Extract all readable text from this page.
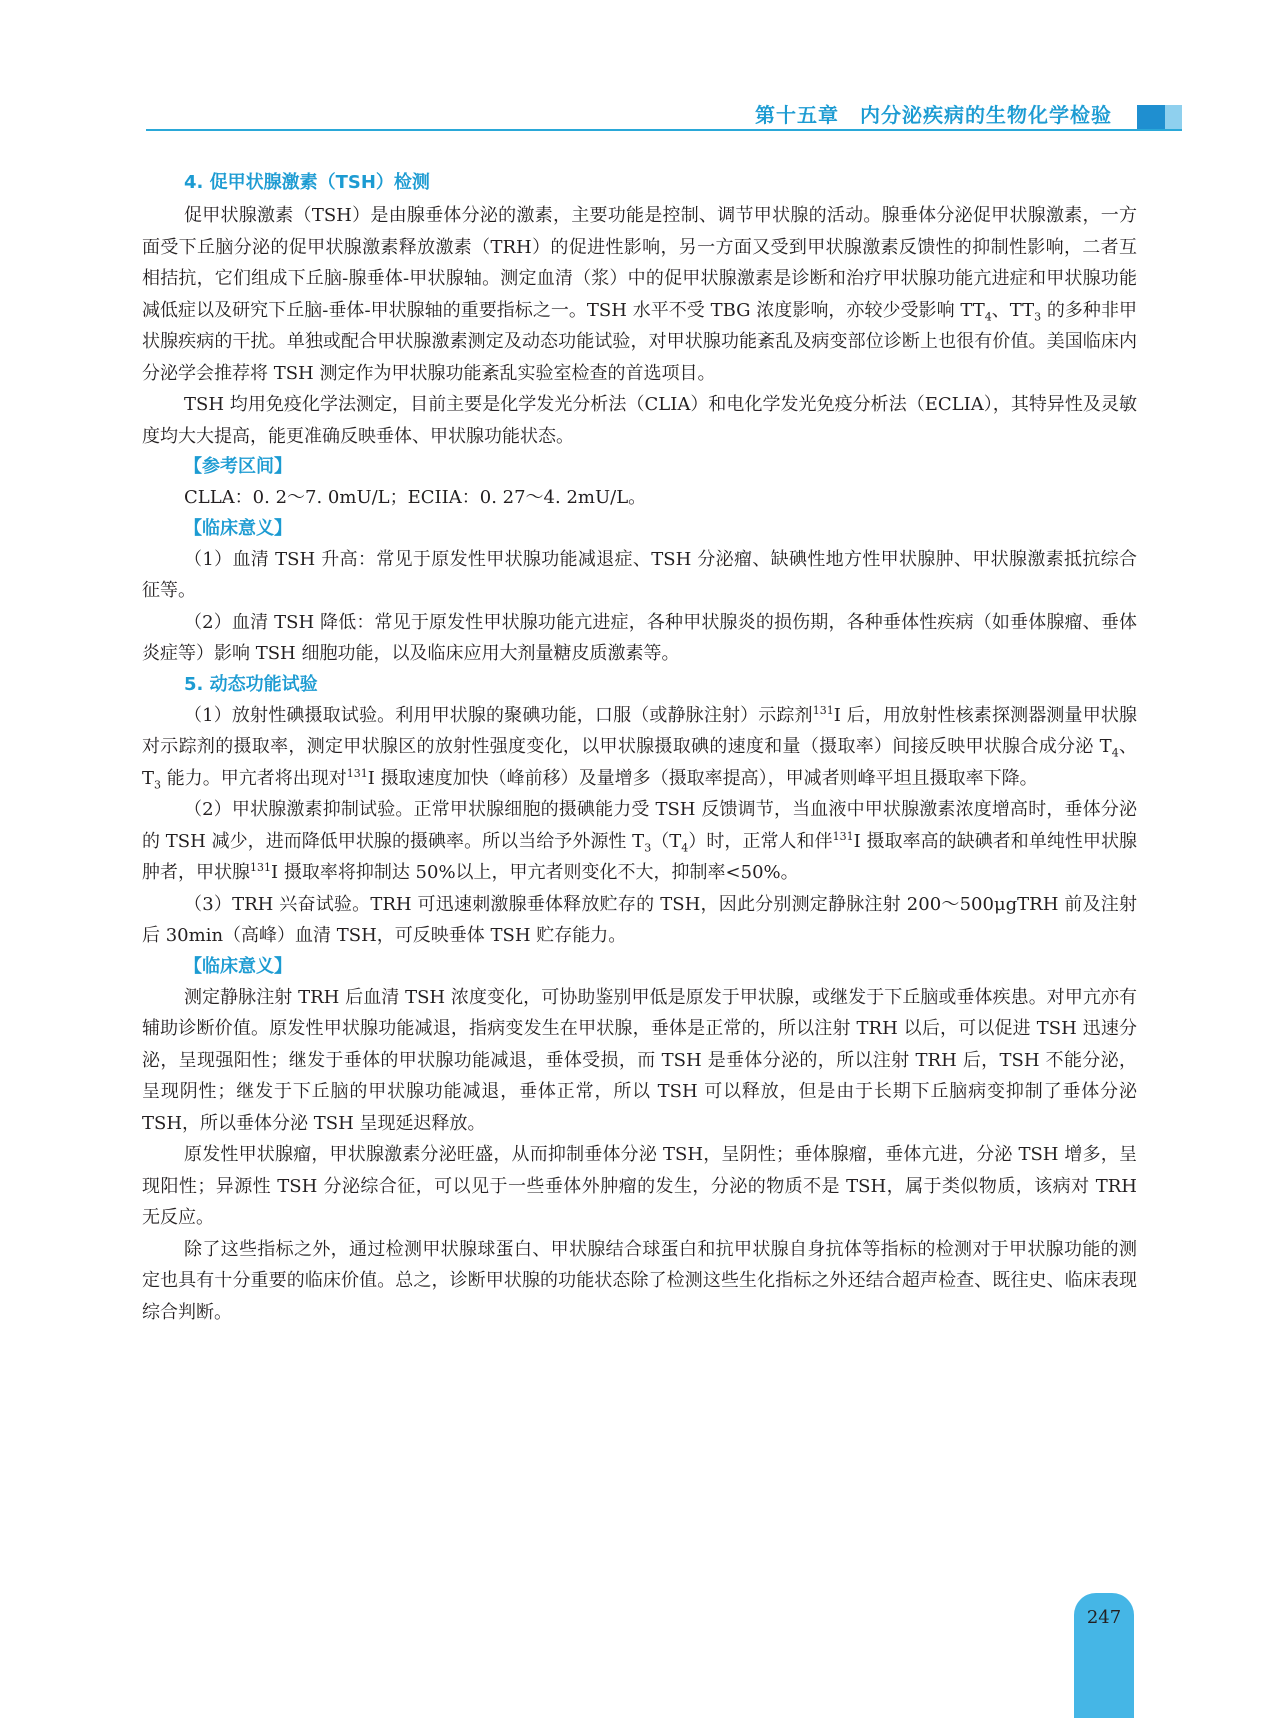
第十五章　内分泌疾病的生物化学检验
4. 促甲状腺激素（TSH）检测

促甲状腺激素（TSH）是由腺垂体分泌的激素，主要功能是控制、调节甲状腺的活动。腺垂体分泌促甲状腺激素，一方面受下丘脑分泌的促甲状腺激素释放激素（TRH）的促进性影响，另一方面又受到甲状腺激素反馈性的抑制性影响，二者互相拮抗，它们组成下丘脑-腺垂体-甲状腺轴。测定血清（浆）中的促甲状腺激素是诊断和治疗甲状腺功能亢进症和甲状腺功能减低症以及研究下丘脑-垂体-甲状腺轴的重要指标之一。TSH 水平不受 TBG 浓度影响，亦较少受影响 $TT_4$、$TT_3$ 的多种非甲状腺疾病的干扰。单独或配合甲状腺激素测定及动态功能试验，对甲状腺功能紊乱及病变部位诊断上也很有价值。美国临床内分泌学会推荐将 TSH 测定作为甲状腺功能紊乱实验室检查的首选项目。

TSH 均用免疫化学法测定，目前主要是化学发光分析法（CLIA）和电化学发光免疫分析法（ECLIA），其特异性及灵敏度均大大提高，能更准确反映垂体、甲状腺功能状态。

【参考区间】

CLLA：0. 2～7. 0mU/L；ECIIA：0. 27～4. 2mU/L。

【临床意义】

（1）血清 TSH 升高：常见于原发性甲状腺功能减退症、TSH 分泌瘤、缺碘性地方性甲状腺肿、甲状腺激素抵抗综合征等。

（2）血清 TSH 降低：常见于原发性甲状腺功能亢进症，各种甲状腺炎的损伤期，各种垂体性疾病（如垂体腺瘤、垂体炎症等）影响 TSH 细胞功能，以及临床应用大剂量糖皮质激素等。

5. 动态功能试验

（1）放射性碘摄取试验。利用甲状腺的聚碘功能，口服（或静脉注射）示踪剂$^{131}$I 后，用放射性核素探测器测量甲状腺对示踪剂的摄取率，测定甲状腺区的放射性强度变化，以甲状腺摄取碘的速度和量（摄取率）间接反映甲状腺合成分泌 $T_4$、$T_3$ 能力。甲亢者将出现对$^{131}$I 摄取速度加快（峰前移）及量增多（摄取率提高），甲减者则峰平坦且摄取率下降。

（2）甲状腺激素抑制试验。正常甲状腺细胞的摄碘能力受 TSH 反馈调节，当血液中甲状腺激素浓度增高时，垂体分泌的 TSH 减少，进而降低甲状腺的摄碘率。所以当给予外源性 $T_3(T_4)$时，正常人和伴$^{131}$I 摄取率高的缺碘者和单纯性甲状腺肿者，甲状腺$^{131}$I 摄取率将抑制达 50%以上，甲亢者则变化不大，抑制率<50%。

（3）TRH 兴奋试验。TRH 可迅速刺激腺垂体释放贮存的 TSH，因此分别测定静脉注射 200～500μgTRH 前及注射后 30min（高峰）血清 TSH，可反映垂体 TSH 贮存能力。

【临床意义】

测定静脉注射 TRH 后血清 TSH 浓度变化，可协助鉴别甲低是原发于甲状腺，或继发于下丘脑或垂体疾患。对甲亢亦有辅助诊断价值。原发性甲状腺功能减退，指病变发生在甲状腺，垂体是正常的，所以注射 TRH 以后，可以促进 TSH 迅速分泌，呈现强阳性；继发于垂体的甲状腺功能减退，垂体受损，而 TSH 是垂体分泌的，所以注射 TRH 后，TSH 不能分泌，呈现阴性；继发于下丘脑的甲状腺功能减退，垂体正常，所以 TSH 可以释放，但是由于长期下丘脑病变抑制了垂体分泌 TSH，所以垂体分泌 TSH 呈现延迟释放。

原发性甲状腺瘤，甲状腺激素分泌旺盛，从而抑制垂体分泌 TSH，呈阴性；垂体腺瘤，垂体亢进，分泌 TSH 增多，呈现阳性；异源性 TSH 分泌综合征，可以见于一些垂体外肿瘤的发生，分泌的物质不是 TSH，属于类似物质，该病对 TRH 无反应。

除了这些指标之外，通过检测甲状腺球蛋白、甲状腺结合球蛋白和抗甲状腺自身抗体等指标的检测对于甲状腺功能的测定也具有十分重要的临床价值。总之，诊断甲状腺的功能状态除了检测这些生化指标之外还结合超声检查、既往史、临床表现综合判断。

247
